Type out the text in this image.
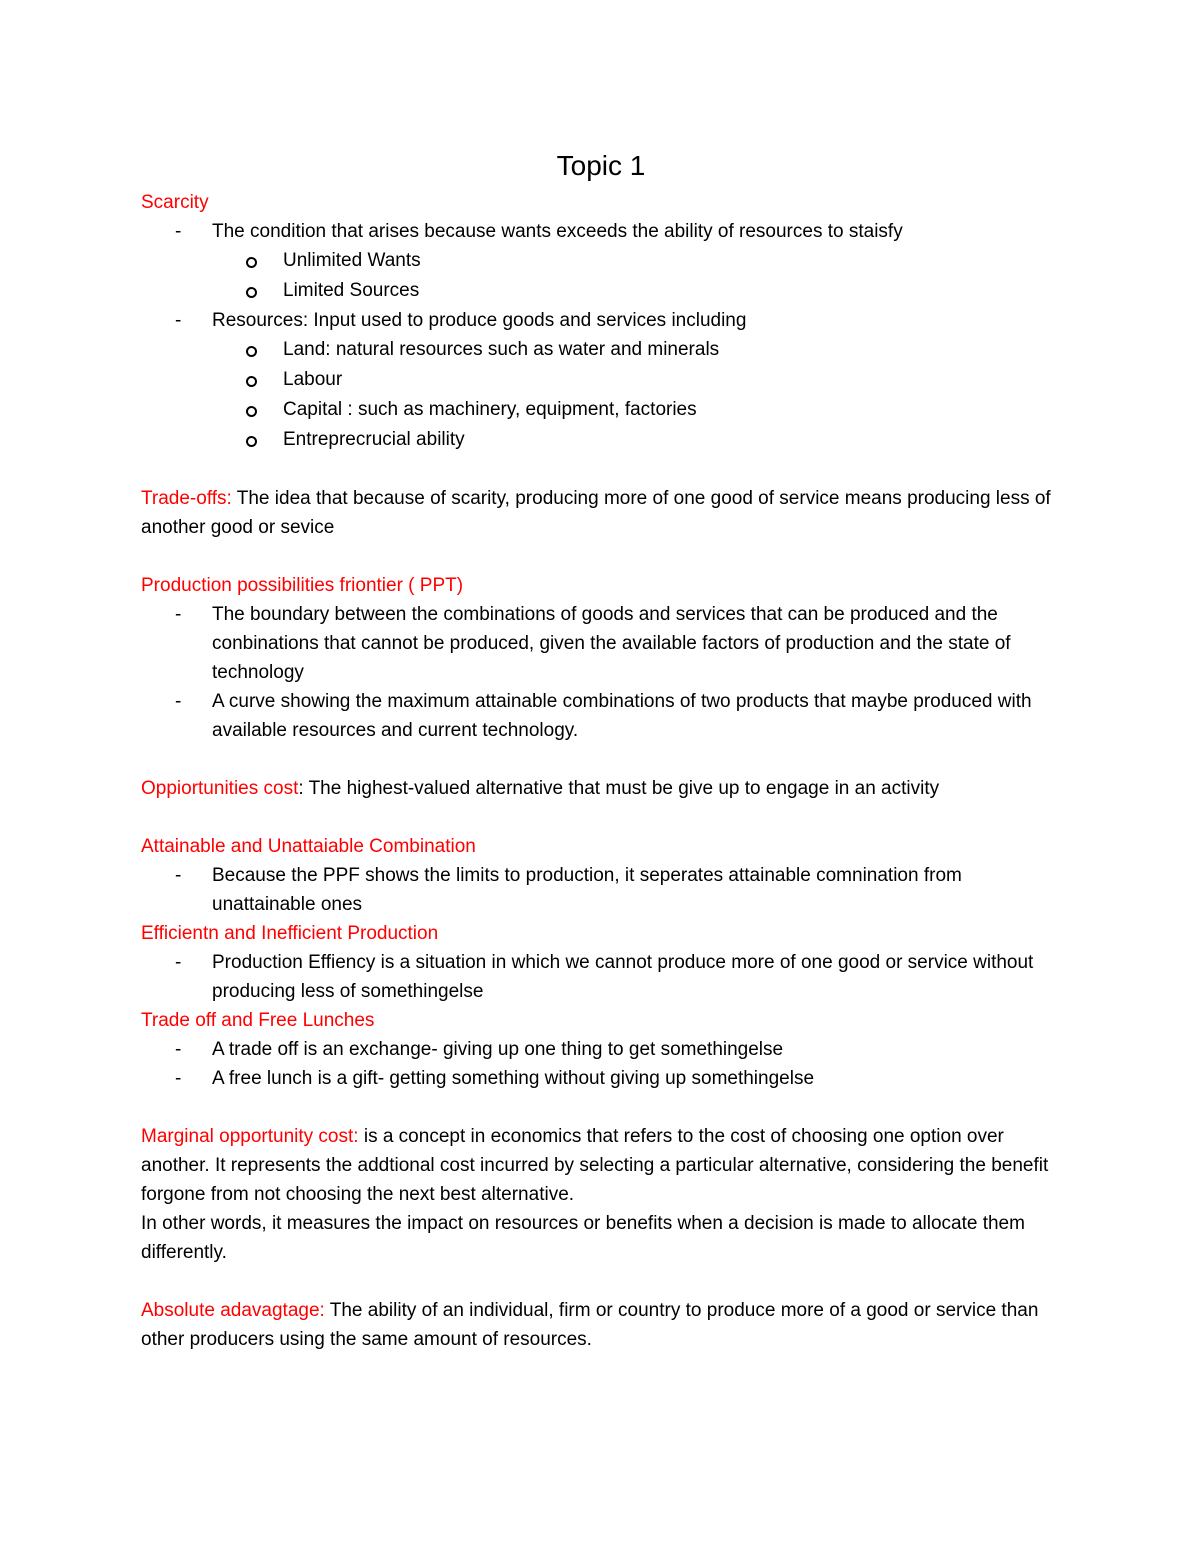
Topic 1
Scarcity
- The condition that arises because wants exceeds the ability of resources to staisfy
Unlimited Wants
Limited Sources
- Resources: Input used to produce goods and services including
Land: natural resources such as water and minerals
Labour
Capital : such as machinery, equipment, factories
Entreprecrucial ability

Trade-offs: The idea that because of scarity, producing more of one good of service means producing less of another good or sevice

Production possibilities friontier ( PPT)
- The boundary between the combinations of goods and services that can be produced and the conbinations that cannot be produced, given the available factors of production and the state of technology
- A curve showing the maximum attainable combinations of two products that maybe produced with available resources and current technology.

Oppiortunities cost: The highest-valued alternative that must be give up to engage in an activity

Attainable and Unattaiable Combination
- Because the PPF shows the limits to production, it seperates attainable comnination from unattainable ones
Efficientn and Inefficient Production
- Production Effiency is a situation in which we cannot produce more of one good or service without producing less of somethingelse
Trade off and Free Lunches
- A trade off is an exchange- giving up one thing to get somethingelse
- A free lunch is a gift- getting something without giving up somethingelse

Marginal opportunity cost: is a concept in economics that refers to the cost of choosing one option over another. It represents the addtional cost incurred by selecting a particular alternative, considering the benefit forgone from not choosing the next best alternative.

In other words, it measures the impact on resources or benefits when a decision is made to allocate them differently.

Absolute adavagtage: The ability of an individual, firm or country to produce more of a good or service than other producers using the same amount of resources.
